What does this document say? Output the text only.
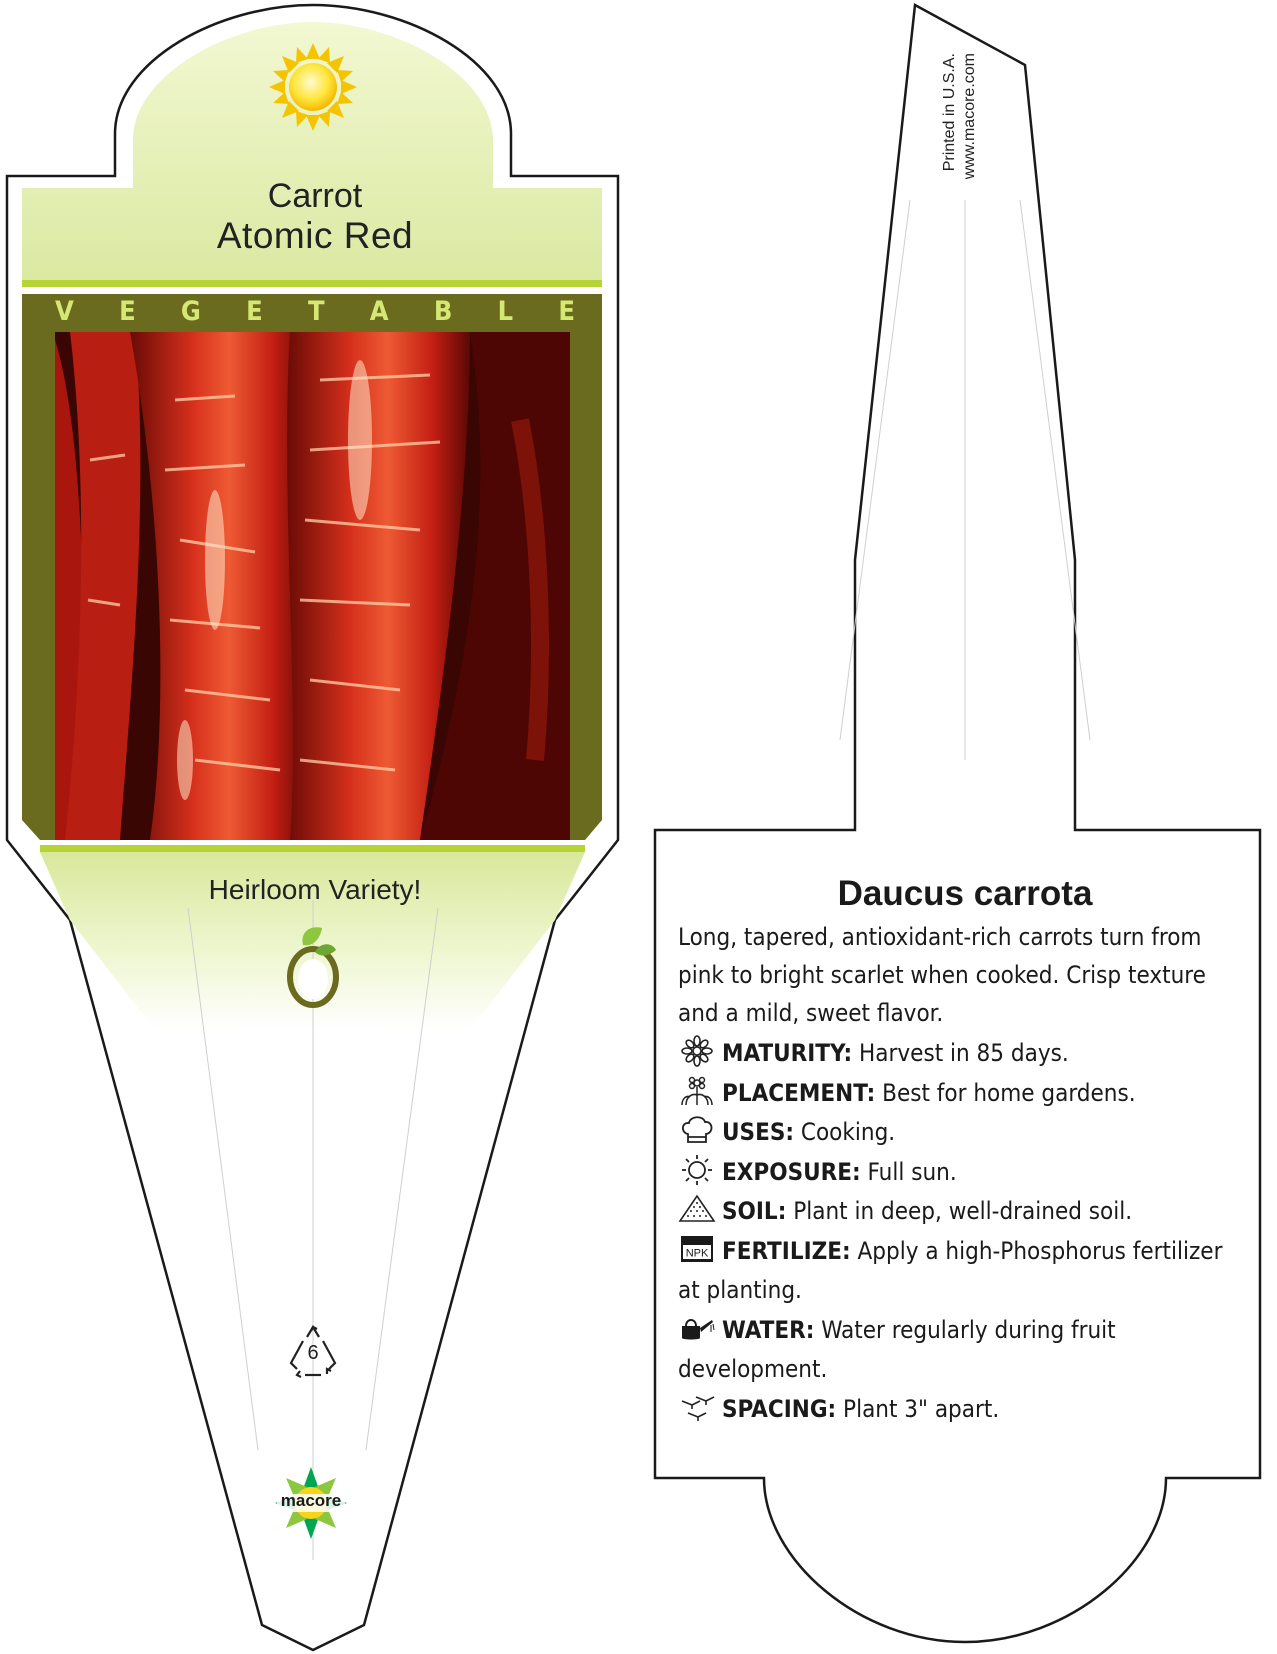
Carrot
Atomic Red
V E G E T A B L E
Heirloom Variety!
6
macore
Printed in U.S.A. www.macore.com
Daucus carrota
Long, tapered, antioxidant-rich carrots turn from pink to bright scarlet when cooked. Crisp texture and a mild, sweet flavor.
MATURITY: Harvest in 85 days.
PLACEMENT: Best for home gardens.
USES: Cooking.
EXPOSURE: Full sun.
SOIL: Plant in deep, well-drained soil.
NPK FERTILIZE: Apply a high-Phosphorus fertilizer at planting.
WATER: Water regularly during fruit development.
SPACING: Plant 3" apart.
